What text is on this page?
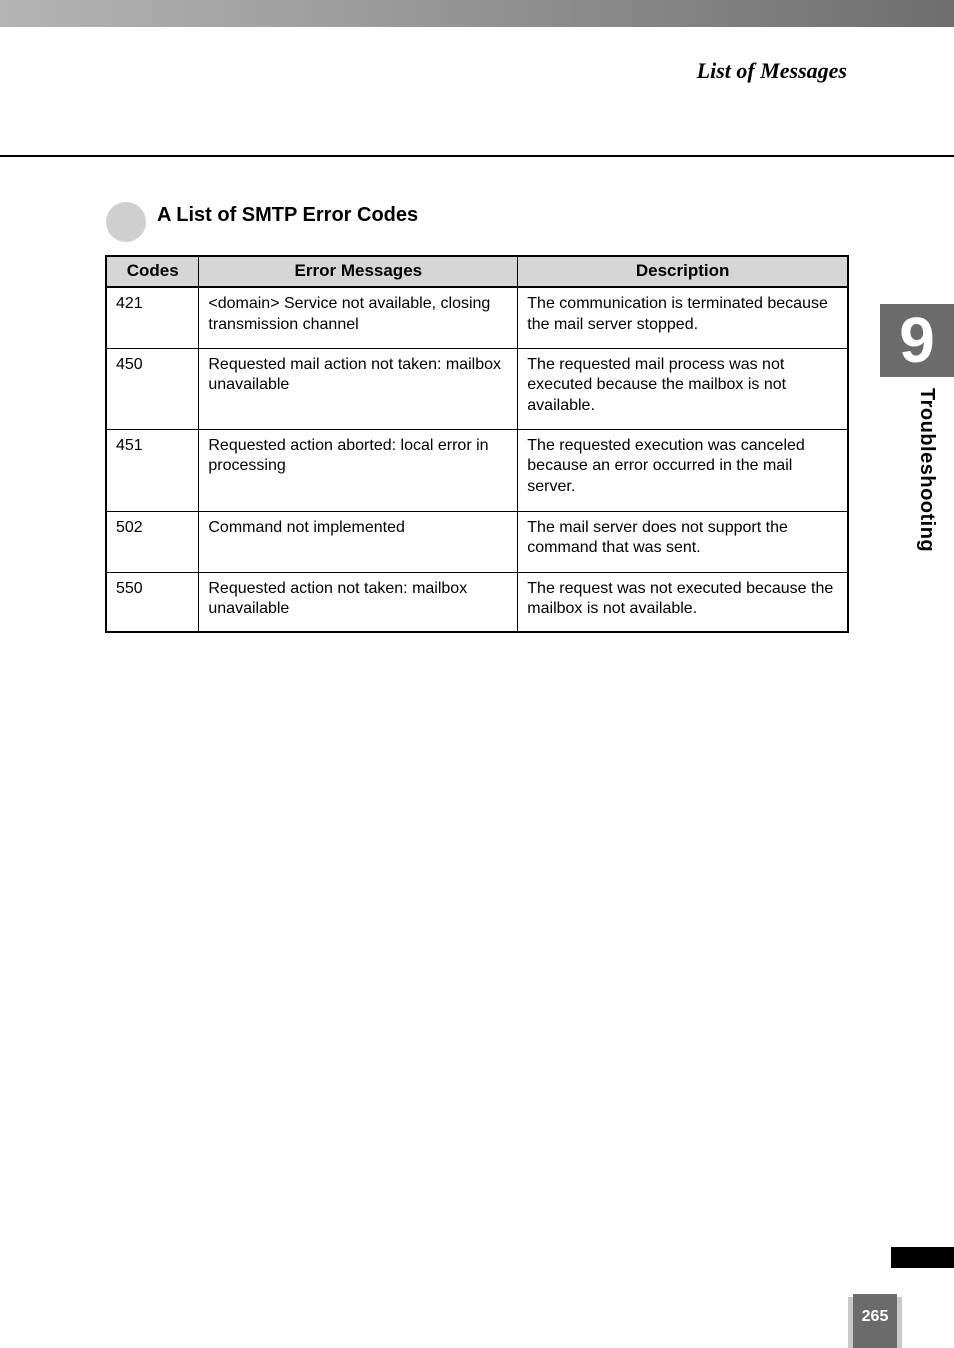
List of Messages
A List of SMTP Error Codes
Codes	Error Messages	Description
421	<domain> Service not available, closing transmission channel	The communication is terminated because the mail server stopped.
450	Requested mail action not taken: mailbox unavailable	The requested mail process was not executed because the mailbox is not available.
451	Requested action aborted: local error in processing	The requested execution was canceled because an error occurred in the mail server.
502	Command not implemented	The mail server does not support the command that was sent.
550	Requested action not taken: mailbox unavailable	The request was not executed because the mailbox is not available.
9
Troubleshooting
265
